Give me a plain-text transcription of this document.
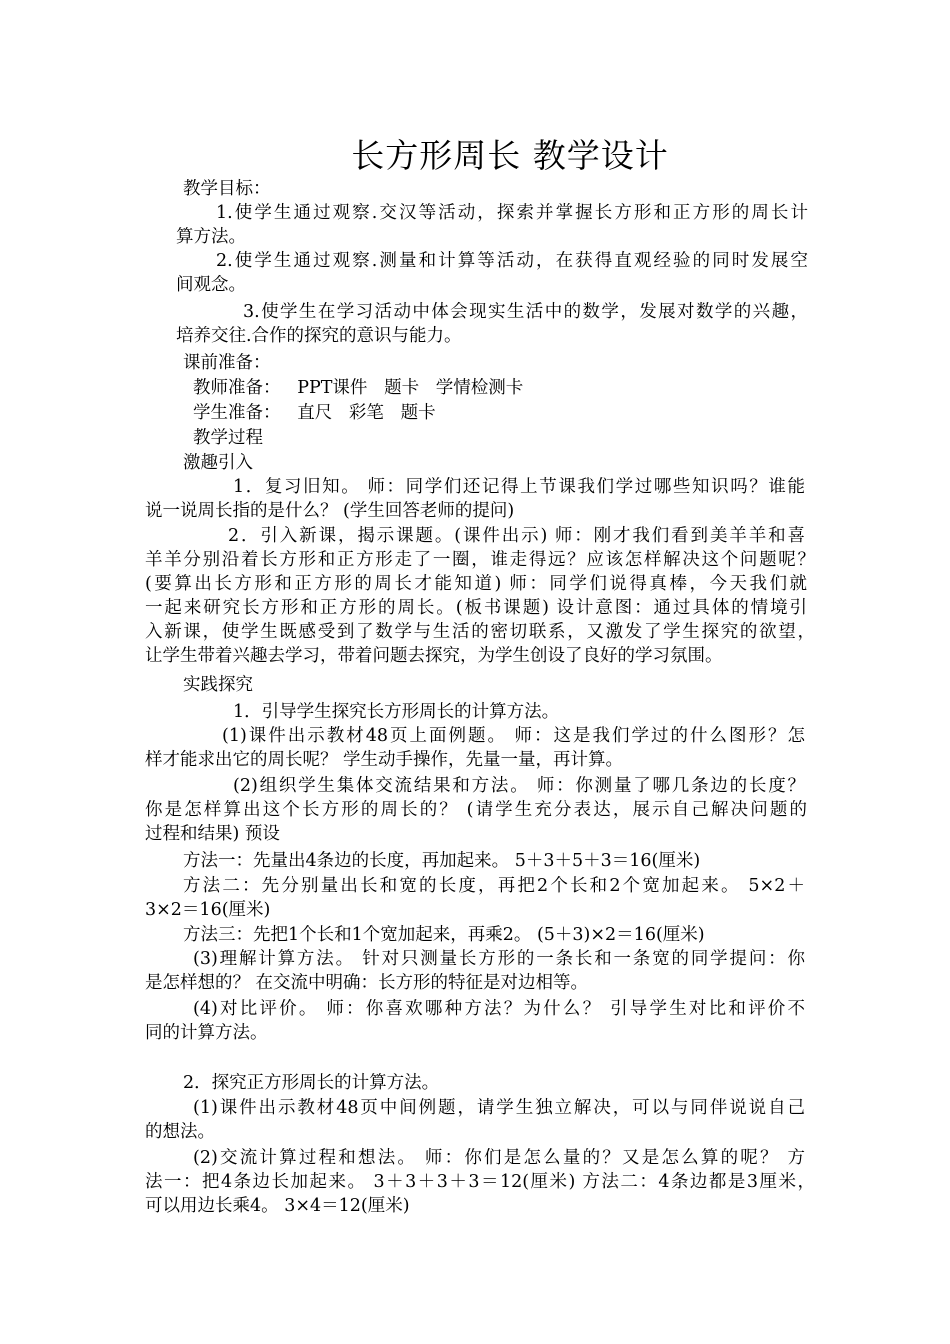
长方形周长 教学设计
教学目标：
1.使学生通过观察.交汉等活动，探索并掌握长方形和正方形的周长计
算方法。
2.使学生通过观察.测量和计算等活动，在获得直观经验的同时发展空
间观念。
3.使学生在学习活动中体会现实生活中的数学，发展对数学的兴趣，
培养交往.合作的探究的意识与能力。
课前准备：
教师准备：   PPT课件   题卡   学情检测卡
学生准备：   直尺   彩笔   题卡
教学过程
激趣引入
1．复习旧知。 师：同学们还记得上节课我们学过哪些知识吗？谁能
说一说周长指的是什么？ (学生回答老师的提问)
2．引入新课，揭示课题。(课件出示) 师：刚才我们看到美羊羊和喜
羊羊分别沿着长方形和正方形走了一圈，谁走得远？应该怎样解决这个问题呢？
(要算出长方形和正方形的周长才能知道) 师：同学们说得真棒，今天我们就
一起来研究长方形和正方形的周长。(板书课题) 设计意图：通过具体的情境引
入新课，使学生既感受到了数学与生活的密切联系，又激发了学生探究的欲望，
让学生带着兴趣去学习，带着问题去探究，为学生创设了良好的学习氛围。
实践探究
1．引导学生探究长方形周长的计算方法。
(1)课件出示教材48页上面例题。 师：这是我们学过的什么图形？怎
样才能求出它的周长呢？ 学生动手操作，先量一量，再计算。
(2)组织学生集体交流结果和方法。 师：你测量了哪几条边的长度？
你是怎样算出这个长方形的周长的？ (请学生充分表达，展示自己解决问题的
过程和结果) 预设
方法一：先量出4条边的长度，再加起来。 5＋3＋5＋3＝16(厘米)
方法二：先分别量出长和宽的长度，再把2个长和2个宽加起来。 5×2＋
3×2＝16(厘米)
方法三：先把1个长和1个宽加起来，再乘2。 (5＋3)×2＝16(厘米)
(3)理解计算方法。 针对只测量长方形的一条长和一条宽的同学提问：你
是怎样想的？ 在交流中明确：长方形的特征是对边相等。
(4)对比评价。 师：你喜欢哪种方法？为什么？ 引导学生对比和评价不
同的计算方法。
2．探究正方形周长的计算方法。
(1)课件出示教材48页中间例题，请学生独立解决，可以与同伴说说自己
的想法。
(2)交流计算过程和想法。 师：你们是怎么量的？又是怎么算的呢？ 方
法一：把4条边长加起来。 3＋3＋3＋3＝12(厘米) 方法二：4条边都是3厘米，
可以用边长乘4。 3×4＝12(厘米)
